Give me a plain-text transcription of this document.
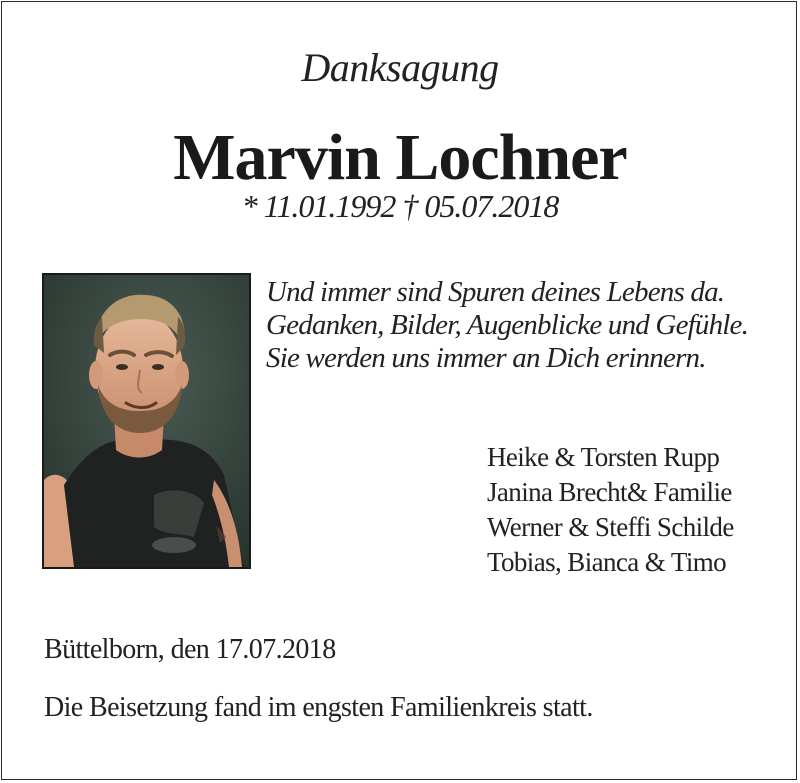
Danksagung
Marvin Lochner
* 11.01.1992 † 05.07.2018
Und immer sind Spuren deines Lebens da.
Gedanken, Bilder, Augenblicke und Gefühle.
Sie werden uns immer an Dich erinnern.
Heike & Torsten Rupp
Janina Brecht& Familie
Werner & Steffi Schilde
Tobias, Bianca & Timo
Büttelborn, den 17.07.2018
Die Beisetzung fand im engsten Familienkreis statt.
